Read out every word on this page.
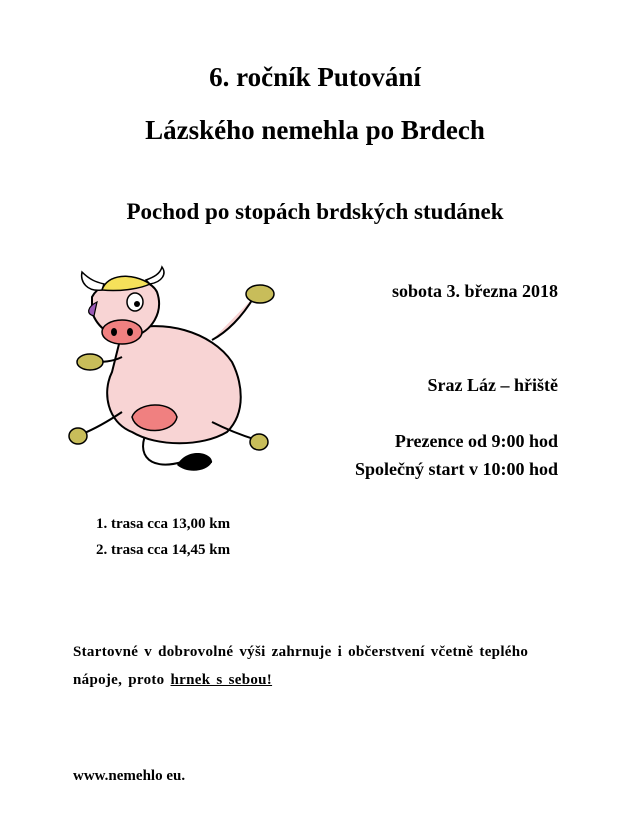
6. ročník Putování
Lázského nemehla po Brdech
Pochod po stopách brdských studánek
sobota 3. března 2018
Sraz Láz – hřiště
Prezence od 9:00 hod
Společný start v 10:00 hod
1. trasa cca 13,00 km
2. trasa cca 14,45 km
Startovné v dobrovolné výši zahrnuje i občerstvení včetně teplého nápoje, proto hrnek s sebou!
www.nemehlo eu.
